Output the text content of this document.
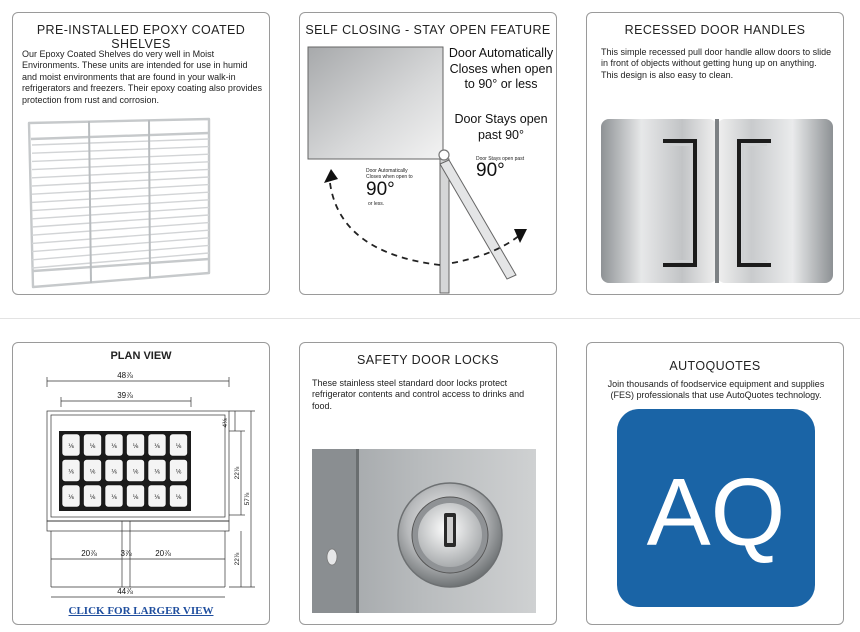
PRE-INSTALLED EPOXY COATED SHELVES
Our Epoxy Coated Shelves do very well in Moist Environments. These units are intended for use in humid and moist environments that are found in your walk-in refrigerators and freezers. Their epoxy coating also provides protection from rust and corrosion.
SELF CLOSING - STAY OPEN FEATURE
Door Automatically Closes when open to 90° or less
Door Stays open past 90°
Door Automatically Closes when open to
90°
or less.
Door Stays open past
90°
RECESSED DOOR HANDLES
This simple recessed pull door handle allow doors to slide in front of objects without getting hung up on anything. This design is also easy to clean.
PLAN VIEW
⅙	⅙	⅙	⅙	⅙	⅙
⅙	⅙	⅙	⅙	⅙	⅙
⅙	⅙	⅙	⅙	⅙	⅙
48⅞
39⅞
20⅞	3⅞	20⅞
44⅞
4⅛
22⅞
57⅞
22⅞
CLICK FOR LARGER VIEW
SAFETY DOOR LOCKS
These stainless steel standard door locks protect refrigerator contents and control access to drinks and food.
AUTOQUOTES
Join thousands of foodservice equipment and supplies (FES) professionals that use AutoQuotes technology.
AQ
